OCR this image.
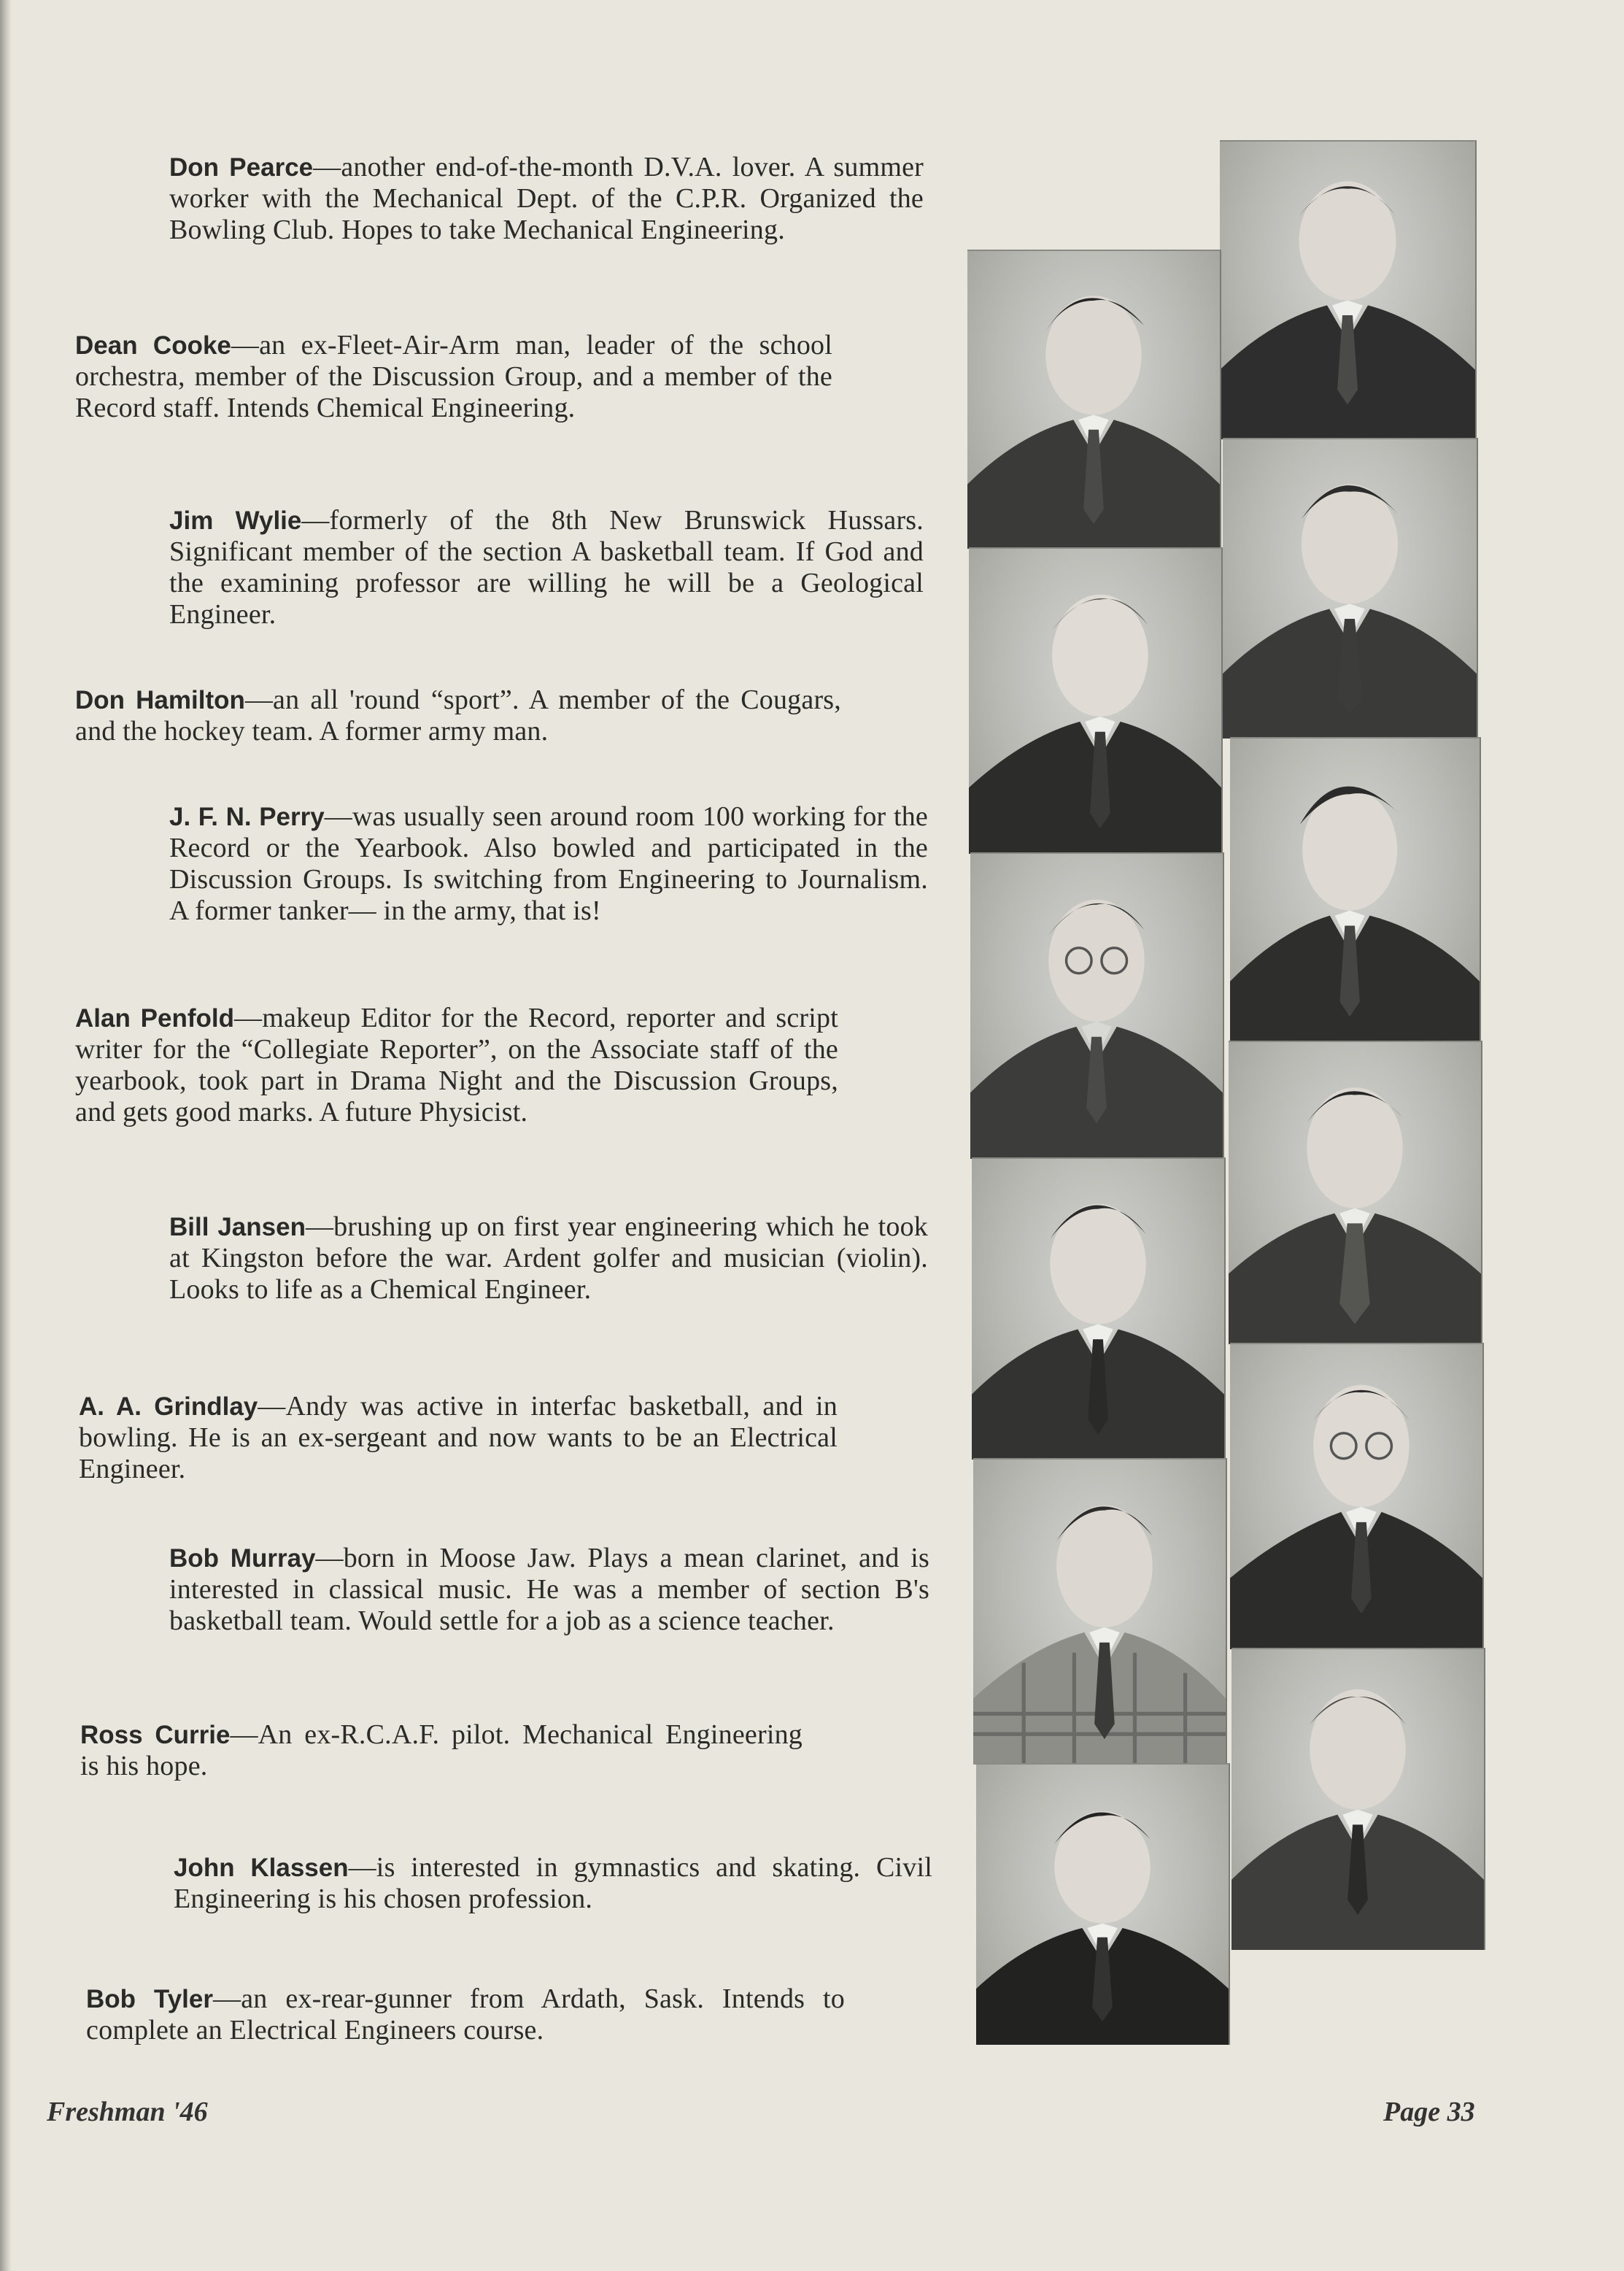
Don Pearce—another end-of-the-month D.V.A. lover. A summer worker with the Mechanical Dept. of the C.P.R. Organized the Bowling Club. Hopes to take Mechanical Engineering.
Dean Cooke—an ex-Fleet-Air-Arm man, leader of the school orchestra, member of the Discussion Group, and a member of the Record staff. Intends Chemical Engineering.
Jim Wylie—formerly of the 8th New Brunswick Hussars. Significant member of the section A basketball team. If God and the examining professor are willing he will be a Geological Engineer.
Don Hamilton—an all 'round “sport”. A member of the Cougars, and the hockey team. A former army man.
J. F. N. Perry—was usually seen around room 100 working for the Record or the Yearbook. Also bowled and participated in the Discussion Groups. Is switching from Engineering to Journalism. A former tanker— in the army, that is!
Alan Penfold—makeup Editor for the Record, reporter and script writer for the “Collegiate Reporter”, on the Associate staff of the yearbook, took part in Drama Night and the Discussion Groups, and gets good marks. A future Physicist.
Bill Jansen—brushing up on first year engineering which he took at Kingston before the war. Ardent golfer and musician (violin). Looks to life as a Chemical Engineer.
A. A. Grindlay—Andy was active in interfac basketball, and in bowling. He is an ex-sergeant and now wants to be an Electrical Engineer.
Bob Murray—born in Moose Jaw. Plays a mean clarinet, and is interested in classical music. He was a member of section B's basketball team. Would settle for a job as a science teacher.
Ross Currie—An ex-R.C.A.F. pilot. Mechanical Engineering is his hope.
John Klassen—is interested in gymnastics and skating. Civil Engineering is his chosen profession.
Bob Tyler—an ex-rear-gunner from Ardath, Sask. Intends to complete an Electrical Engineers course.
Freshman '46	Page 33
